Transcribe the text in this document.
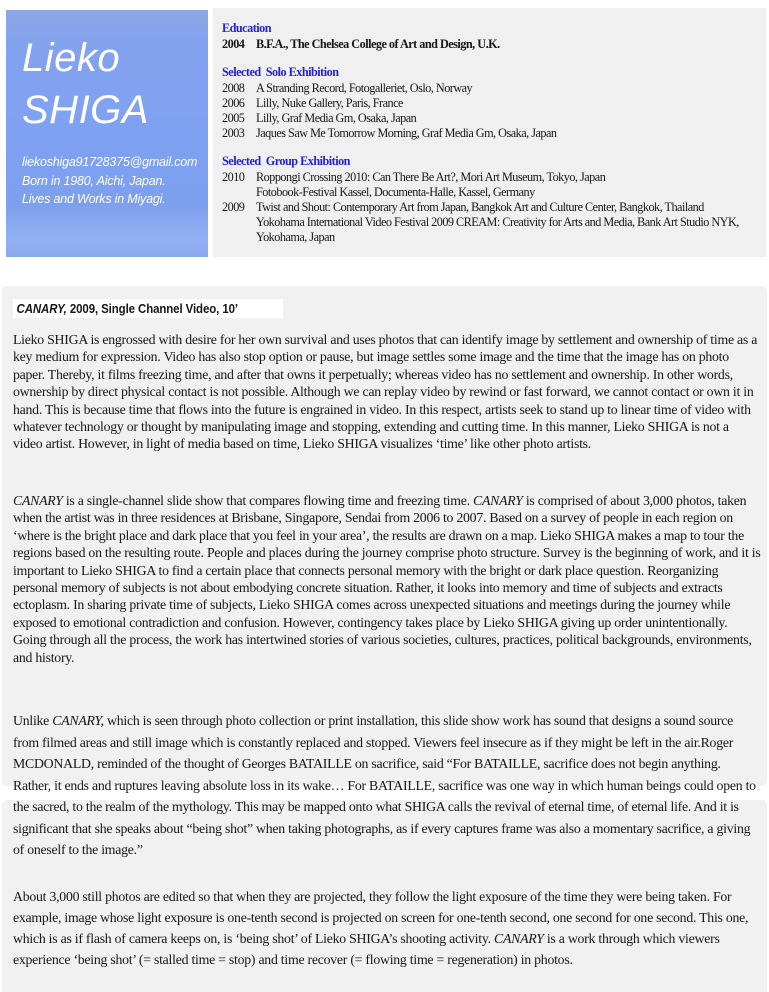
Lieko
SHIGA
liekoshiga91728375@gmail.com
Born in 1980, Aichi, Japan.
Lives and Works in Miyagi.
Education
2004 B.F.A., The Chelsea College of Art and Design, U.K.
Selected  Solo Exhibition
2008 A Stranding Record, Fotogalleriet, Oslo, Norway
2006 Lilly, Nuke Gallery, Paris, France
2005 Lilly, Graf Media Gm, Osaka, Japan
2003 Jaques Saw Me Tomorrow Morning, Graf Media Gm, Osaka, Japan
Selected  Group Exhibition
2010 Roppongi Crossing 2010: Can There Be Art?, Mori Art Museum, Tokyo, Japan
Fotobook-Festival Kassel, Documenta-Halle, Kassel, Germany
2009 Twist and Shout: Contemporary Art from Japan, Bangkok Art and Culture Center, Bangkok, Thailand
Yokohama International Video Festival 2009 CREAM: Creativity for Arts and Media, Bank Art Studio NYK,
Yokohama, Japan
CANARY, 2009, Single Channel Video, 10’

Lieko SHIGA is engrossed with desire for her own survival and uses photos that can identify image by settlement and ownership of time as a key medium for expression. Video has also stop option or pause, but image settles some image and the time that the image has on photo paper. Thereby, it films freezing time, and after that owns it perpetually; whereas video has no settlement and ownership. In other words, ownership by direct physical contact is not possible. Although we can replay video by rewind or fast forward, we cannot contact or own it in hand. This is because time that flows into the future is engrained in video. In this respect, artists seek to stand up to linear time of video with whatever technology or thought by manipulating image and stopping, extending and cutting time. In this manner, Lieko SHIGA is not a video artist. However, in light of media based on time, Lieko SHIGA visualizes ‘time’ like other photo artists.

CANARY is a single-channel slide show that compares flowing time and freezing time. CANARY is comprised of about 3,000 photos, taken when the artist was in three residences at Brisbane, Singapore, Sendai from 2006 to 2007. Based on a survey of people in each region on ‘where is the bright place and dark place that you feel in your area’, the results are drawn on a map. Lieko SHIGA makes a map to tour the regions based on the resulting route. People and places during the journey comprise photo structure. Survey is the beginning of work, and it is important to Lieko SHIGA to find a certain place that connects personal memory with the bright or dark place question. Reorganizing personal memory of subjects is not about embodying concrete situation. Rather, it looks into memory and time of subjects and extracts ectoplasm. In sharing private time of subjects, Lieko SHIGA comes across unexpected situations and meetings during the journey while exposed to emotional contradiction and confusion. However, contingency takes place by Lieko SHIGA giving up order unintentionally. Going through all the process, the work has intertwined stories of various societies, cultures, practices, political backgrounds, environments, and history.

Unlike CANARY, which is seen through photo collection or print installation, this slide show work has sound that designs a sound source from filmed areas and still image which is constantly replaced and stopped. Viewers feel insecure as if they might be left in the air.Roger MCDONALD, reminded of the thought of Georges BATAILLE on sacrifice, said “For BATAILLE, sacrifice does not begin anything. Rather, it ends and ruptures leaving absolute loss in its wake… For BATAILLE, sacrifice was one way in which human beings could open to the sacred, to the realm of the mythology. This may be mapped onto what SHIGA calls the revival of eternal time, of eternal life. And it is significant that she speaks about “being shot” when taking photographs, as if every captures frame was also a momentary sacrifice, a giving of oneself to the image.”

About 3,000 still photos are edited so that when they are projected, they follow the light exposure of the time they were being taken. For example, image whose light exposure is one-tenth second is projected on screen for one-tenth second, one second for one second. This one, which is as if flash of camera keeps on, is ‘being shot’ of Lieko SHIGA’s shooting activity. CANARY is a work through which viewers experience ‘being shot’ (= stalled time = stop) and time recover (= flowing time = regeneration) in photos.
